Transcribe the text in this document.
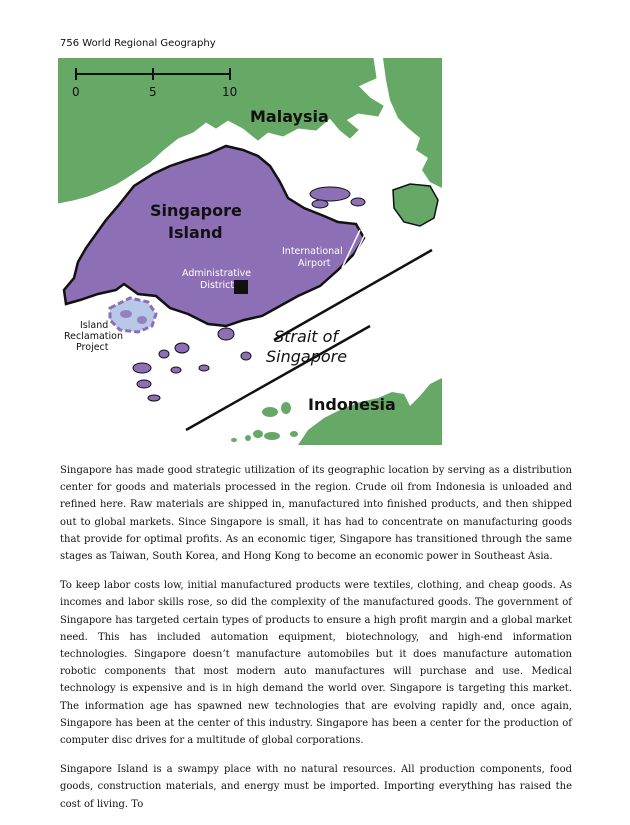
756 World Regional Geography
0	5	10
Malaysia
Singapore
Island
International
Airport
Administrative
District
Island
Reclamation
Project
Strait of
Singapore
Indonesia

Singapore has made good strategic utilization of its geographic location by serving as a distribution center for goods and materials processed in the region. Crude oil from Indonesia is unloaded and refined here. Raw materials are shipped in, manufactured into finished products, and then shipped out to global markets. Since Singapore is small, it has had to concentrate on manufacturing goods that provide for optimal profits. As an economic tiger, Singapore has transitioned through the same stages as Taiwan, South Korea, and Hong Kong to become an economic power in Southeast Asia.

To keep labor costs low, initial manufactured products were textiles, clothing, and cheap goods. As incomes and labor skills rose, so did the complexity of the manufactured goods. The government of Singapore has targeted certain types of products to ensure a high profit margin and a global market need. This has included automation equipment, biotechnology, and high-end information technologies. Singapore doesn’t manufacture automobiles but it does manufacture automation robotic components that most modern auto manufactures will purchase and use. Medical technology is expensive and is in high demand the world over. Singapore is targeting this market. The information age has spawned new technologies that are evolving rapidly and, once again, Singapore has been at the center of this industry. Singapore has been a center for the production of computer disc drives for a multitude of global corporations.

Singapore Island is a swampy place with no natural resources. All production components, food goods, construction materials, and energy must be imported. Importing everything has raised the cost of living. To
